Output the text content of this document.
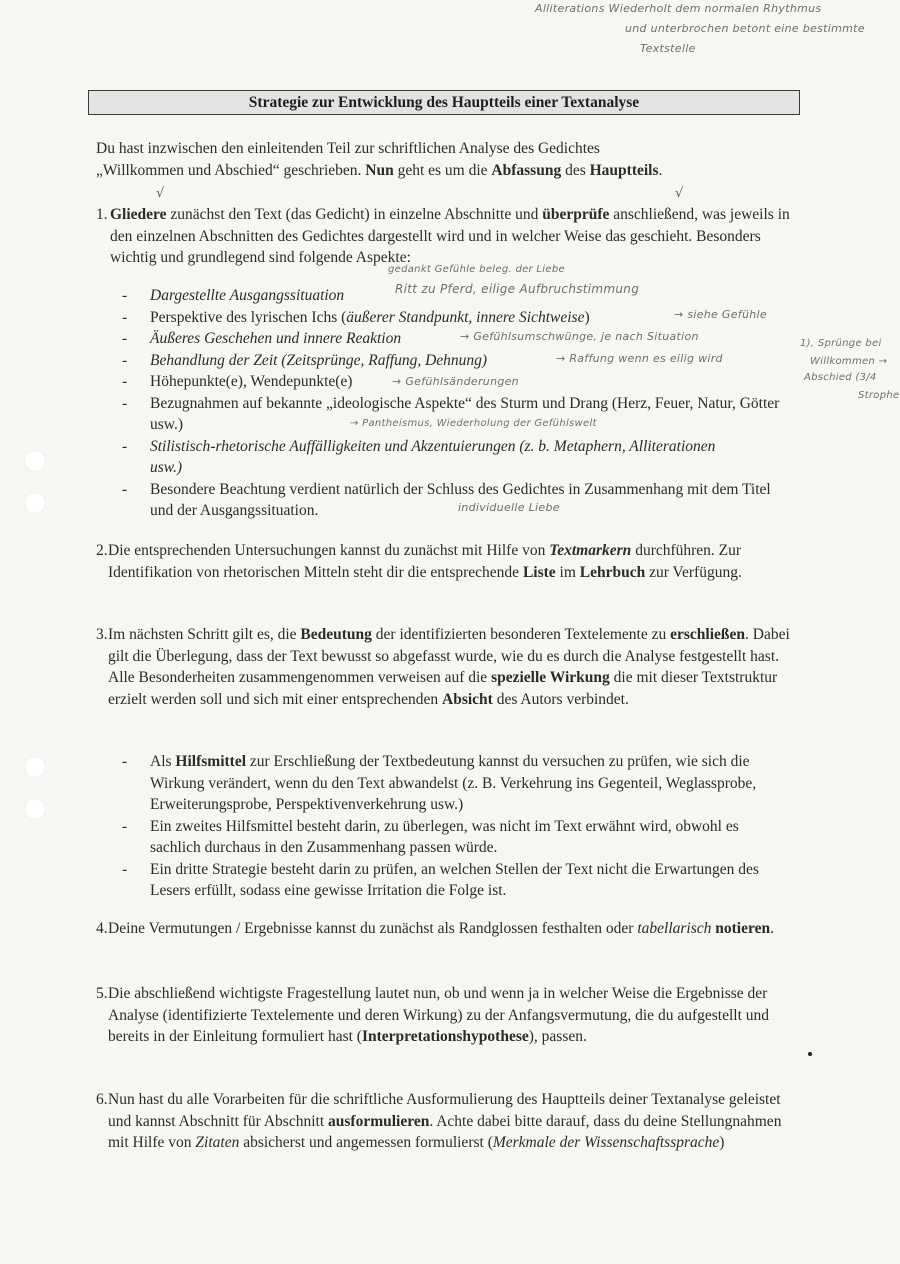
Alliterations Wiederholt dem normalen Rhythmus
und unterbrochen betont eine bestimmte
Textstelle
Strategie zur Entwicklung des Hauptteils einer Textanalyse
Du hast inzwischen den einleitenden Teil zur schriftlichen Analyse des Gedichtes
„Willkommen und Abschied“ geschrieben. Nun geht es um die Abfassung des Hauptteils.
√	√
1. Gliedere zunächst den Text (das Gedicht) in einzelne Abschnitte und überprüfe anschließend, was jeweils in den einzelnen Abschnitten des Gedichtes dargestellt wird und in welcher Weise das geschieht. Besonders wichtig und grundlegend sind folgende Aspekte:
gedankt Gefühle beleg. der Liebe
Ritt zu Pferd, eilige Aufbruchstimmung
→ siehe Gefühle
→ Gefühlsumschwünge, je nach Situation
→ Raffung wenn es eilig wird
1), Sprünge bei
Willkommen →
Abschied (3/4
Strophe
→ Gefühlsänderungen
→ Pantheismus, Wiederholung der Gefühlswelt
individuelle Liebe

- Dargestellte Ausgangssituation

- Perspektive des lyrischen Ichs (äußerer Standpunkt, innere Sichtweise)

- Äußeres Geschehen und innere Reaktion

- Behandlung der Zeit (Zeitsprünge, Raffung, Dehnung)

- Höhepunkte(e), Wendepunkte(e)

- Bezugnahmen auf bekannte „ideologische Aspekte“ des Sturm und Drang (Herz, Feuer, Natur, Götter usw.)

- Stilistisch-rhetorische Auffälligkeiten und Akzentuierungen (z. b. Metaphern, Alliterationen usw.)

- Besondere Beachtung verdient natürlich der Schluss des Gedichtes in Zusammenhang mit dem Titel und der Ausgangssituation.

2. Die entsprechenden Untersuchungen kannst du zunächst mit Hilfe von Textmarkern durchführen. Zur Identifikation von rhetorischen Mitteln steht dir die entsprechende Liste im Lehrbuch zur Verfügung.
3. Im nächsten Schritt gilt es, die Bedeutung der identifizierten besonderen Textelemente zu erschließen. Dabei gilt die Überlegung, dass der Text bewusst so abgefasst wurde, wie du es durch die Analyse festgestellt hast. Alle Besonderheiten zusammengenommen verweisen auf die spezielle Wirkung die mit dieser Textstruktur erzielt werden soll und sich mit einer entsprechenden Absicht des Autors verbindet.

- Als Hilfsmittel zur Erschließung der Textbedeutung kannst du versuchen zu prüfen, wie sich die Wirkung verändert, wenn du den Text abwandelst (z. B. Verkehrung ins Gegenteil, Weglassprobe, Erweiterungsprobe, Perspektivenverkehrung usw.)

- Ein zweites Hilfsmittel besteht darin, zu überlegen, was nicht im Text erwähnt wird, obwohl es sachlich durchaus in den Zusammenhang passen würde.

- Ein dritte Strategie besteht darin zu prüfen, an welchen Stellen der Text nicht die Erwartungen des Lesers erfüllt, sodass eine gewisse Irritation die Folge ist.

4. Deine Vermutungen / Ergebnisse kannst du zunächst als Randglossen festhalten oder tabellarisch notieren.
5. Die abschließend wichtigste Fragestellung lautet nun, ob und wenn ja in welcher Weise die Ergebnisse der Analyse (identifizierte Textelemente und deren Wirkung) zu der Anfangsvermutung, die du aufgestellt und bereits in der Einleitung formuliert hast (Interpretationshypothese), passen.
6. Nun hast du alle Vorarbeiten für die schriftliche Ausformulierung des Hauptteils deiner Textanalyse geleistet und kannst Abschnitt für Abschnitt ausformulieren. Achte dabei bitte darauf, dass du deine Stellungnahmen mit Hilfe von Zitaten absicherst und angemessen formulierst (Merkmale der Wissenschaftssprache)
